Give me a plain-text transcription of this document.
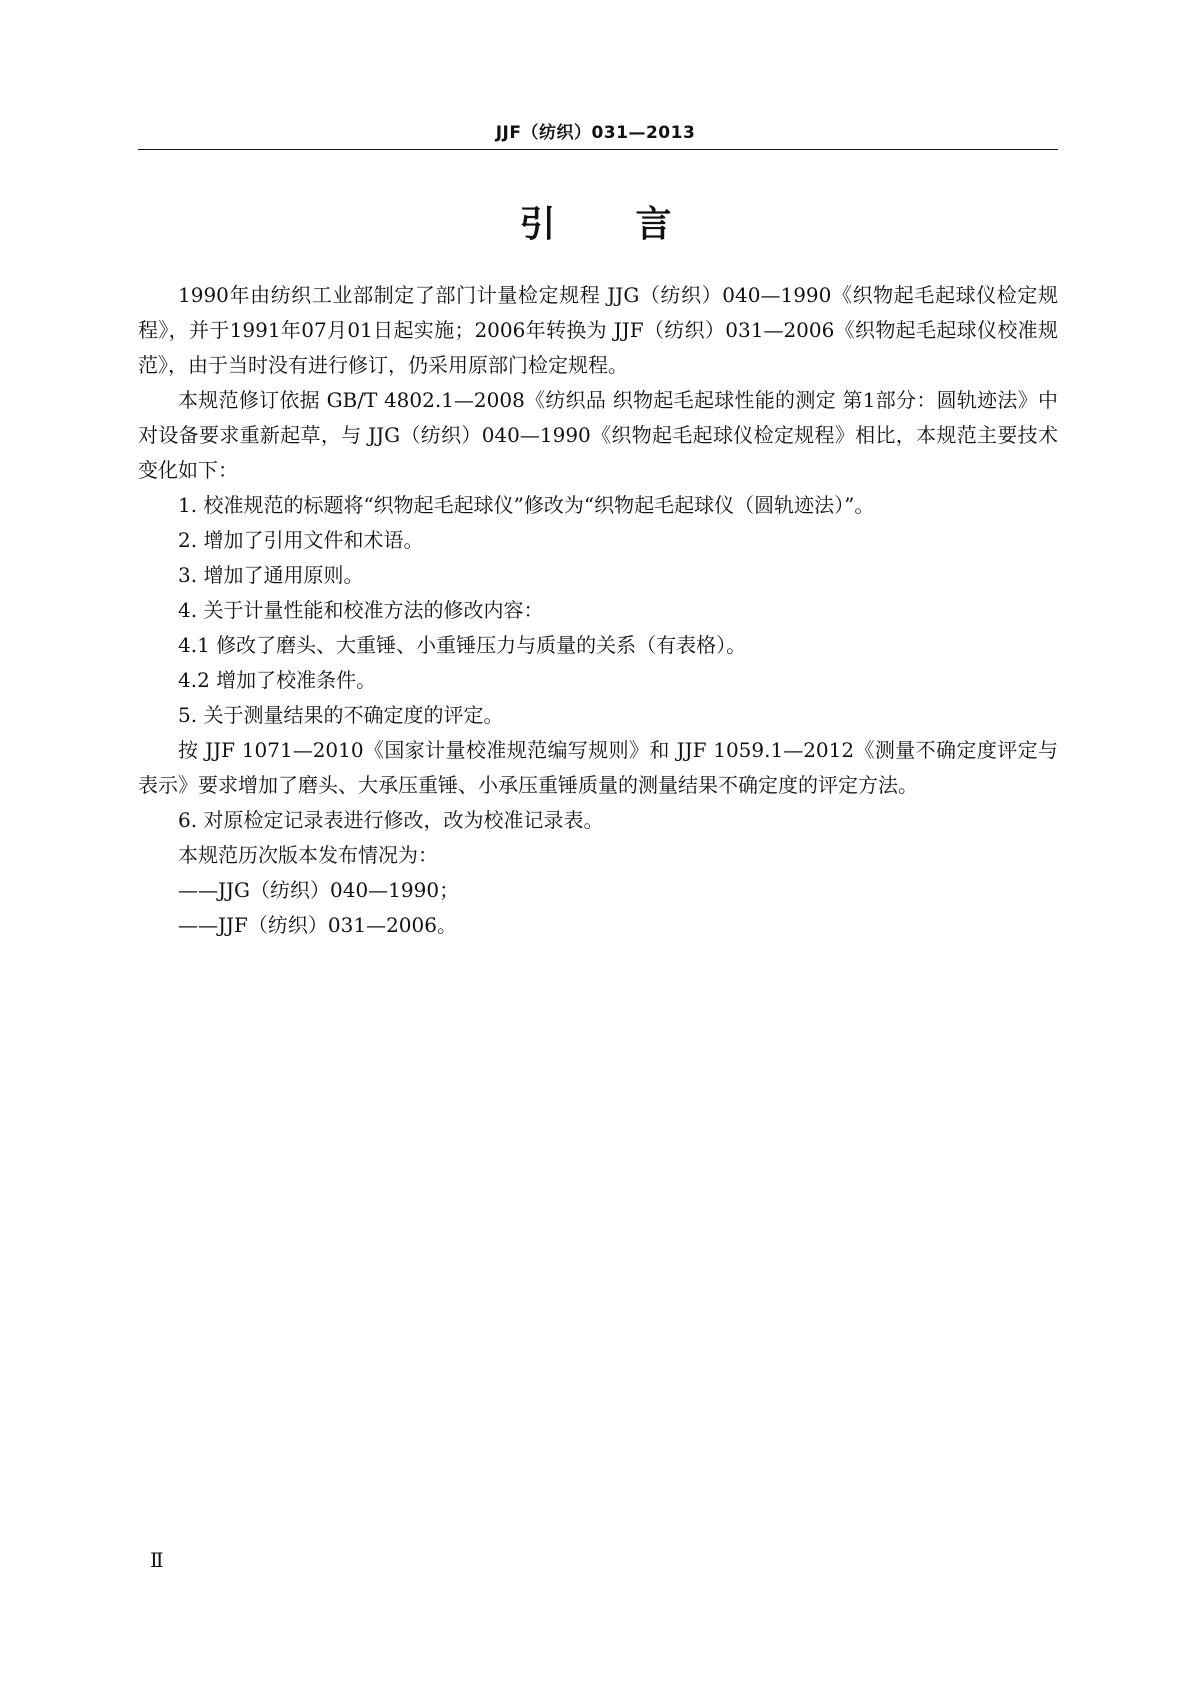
JJF（纺织）031—2013
引言

1990年由纺织工业部制定了部门计量检定规程 JJG（纺织）040—1990《织物起毛起球仪检定规程》，并于1991年07月01日起实施；2006年转换为 JJF（纺织）031—2006《织物起毛起球仪校准规范》，由于当时没有进行修订，仍采用原部门检定规程。

本规范修订依据 GB/T 4802.1—2008《纺织品 织物起毛起球性能的测定 第1部分：圆轨迹法》中对设备要求重新起草，与 JJG（纺织）040—1990《织物起毛起球仪检定规程》相比，本规范主要技术变化如下：

1. 校准规范的标题将“织物起毛起球仪”修改为“织物起毛起球仪（圆轨迹法）”。

2. 增加了引用文件和术语。

3. 增加了通用原则。

4. 关于计量性能和校准方法的修改内容：

4.1 修改了磨头、大重锤、小重锤压力与质量的关系（有表格）。

4.2 增加了校准条件。

5. 关于测量结果的不确定度的评定。

按 JJF 1071—2010《国家计量校准规范编写规则》和 JJF 1059.1—2012《测量不确定度评定与表示》要求增加了磨头、大承压重锤、小承压重锤质量的测量结果不确定度的评定方法。

6. 对原检定记录表进行修改，改为校准记录表。

本规范历次版本发布情况为：

——JJG（纺织）040—1990；

——JJF（纺织）031—2006。

Ⅱ
